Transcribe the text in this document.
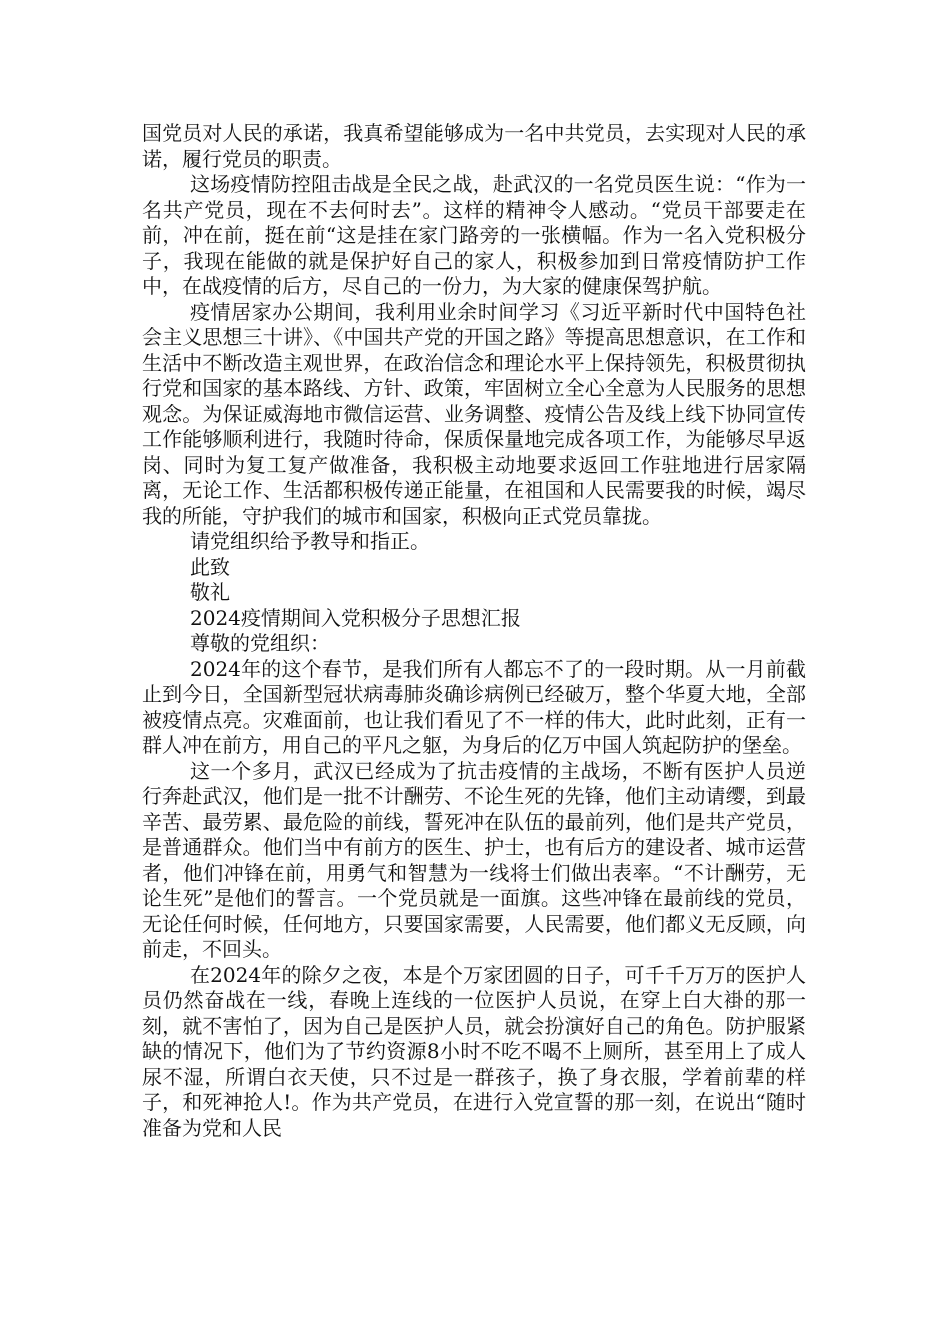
国党员对人民的承诺，我真希望能够成为一名中共党员，去实现对人民的承诺，履行党员的职责。

这场疫情防控阻击战是全民之战，赴武汉的一名党员医生说：“作为一名共产党员，现在不去何时去”。这样的精神令人感动。“党员干部要走在前，冲在前，挺在前“这是挂在家门路旁的一张横幅。作为一名入党积极分子，我现在能做的就是保护好自己的家人，积极参加到日常疫情防护工作中，在战疫情的后方，尽自己的一份力，为大家的健康保驾护航。

疫情居家办公期间，我利用业余时间学习《习近平新时代中国特色社会主义思想三十讲》、《中国共产党的开国之路》等提高思想意识，在工作和生活中不断改造主观世界，在政治信念和理论水平上保持领先，积极贯彻执行党和国家的基本路线、方针、政策，牢固树立全心全意为人民服务的思想观念。为保证威海地市微信运营、业务调整、疫情公告及线上线下协同宣传工作能够顺利进行，我随时待命，保质保量地完成各项工作，为能够尽早返岗、同时为复工复产做准备，我积极主动地要求返回工作驻地进行居家隔离，无论工作、生活都积极传递正能量，在祖国和人民需要我的时候，竭尽我的所能，守护我们的城市和国家，积极向正式党员靠拢。

请党组织给予教导和指正。

此致

敬礼

2024疫情期间入党积极分子思想汇报

尊敬的党组织：

2024年的这个春节，是我们所有人都忘不了的一段时期。从一月前截止到今日，全国新型冠状病毒肺炎确诊病例已经破万，整个华夏大地，全部被疫情点亮。灾难面前，也让我们看见了不一样的伟大，此时此刻，正有一群人冲在前方，用自己的平凡之躯，为身后的亿万中国人筑起防护的堡垒。

这一个多月，武汉已经成为了抗击疫情的主战场，不断有医护人员逆行奔赴武汉，他们是一批不计酬劳、不论生死的先锋，他们主动请缨，到最辛苦、最劳累、最危险的前线，誓死冲在队伍的最前列，他们是共产党员，是普通群众。他们当中有前方的医生、护士，也有后方的建设者、城市运营者，他们冲锋在前，用勇气和智慧为一线将士们做出表率。“不计酬劳，无论生死”是他们的誓言。一个党员就是一面旗。这些冲锋在最前线的党员，无论任何时候，任何地方，只要国家需要，人民需要，他们都义无反顾，向前走，不回头。

在2024年的除夕之夜，本是个万家团圆的日子，可千千万万的医护人员仍然奋战在一线，春晚上连线的一位医护人员说，在穿上白大褂的那一刻，就不害怕了，因为自己是医护人员，就会扮演好自己的角色。防护服紧缺的情况下，他们为了节约资源8小时不吃不喝不上厕所，甚至用上了成人尿不湿，所谓白衣天使，只不过是一群孩子，换了身衣服，学着前辈的样子，和死神抢人!。作为共产党员，在进行入党宣誓的那一刻，在说出“随时准备为党和人民
